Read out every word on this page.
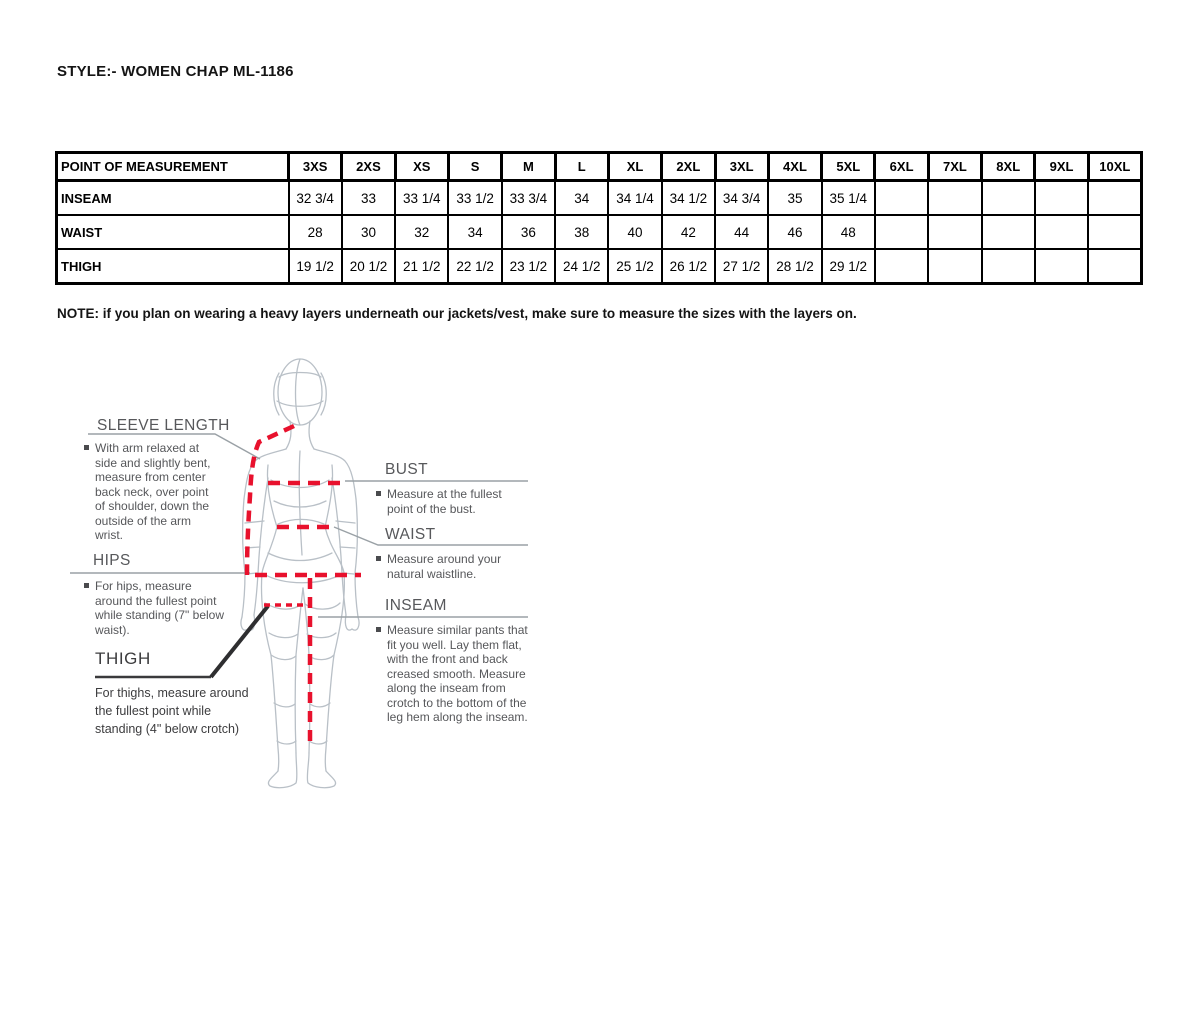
STYLE:- WOMEN CHAP ML-1186
POINT OF MEASUREMENT	3XS	2XS	XS	S	M	L	XL	2XL	3XL	4XL	5XL	6XL	7XL	8XL	9XL	10XL
INSEAM	32 3/4	33	33 1/4	33 1/2	33 3/4	34	34 1/4	34 1/2	34 3/4	35	35 1/4					
WAIST	28	30	32	34	36	38	40	42	44	46	48					
THIGH	19 1/2	20 1/2	21 1/2	22 1/2	23 1/2	24 1/2	25 1/2	26 1/2	27 1/2	28 1/2	29 1/2					
NOTE: if you plan on wearing a heavy layers underneath our jackets/vest, make sure to measure the sizes with the layers on.
SLEEVE LENGTH

With arm relaxed at side and slightly bent, measure from center back neck, over point of shoulder, down the outside of the arm wrist.

HIPS

For hips, measure around the fullest point while standing (7" below waist).

THIGH

For thighs, measure around the fullest point while standing (4" below crotch)

BUST

Measure at the fullest point of the bust.

WAIST

Measure around your natural waistline.

INSEAM

Measure similar pants that fit you well. Lay them flat, with the front and back creased smooth. Measure along the inseam from crotch to the bottom of the leg hem along the inseam.
